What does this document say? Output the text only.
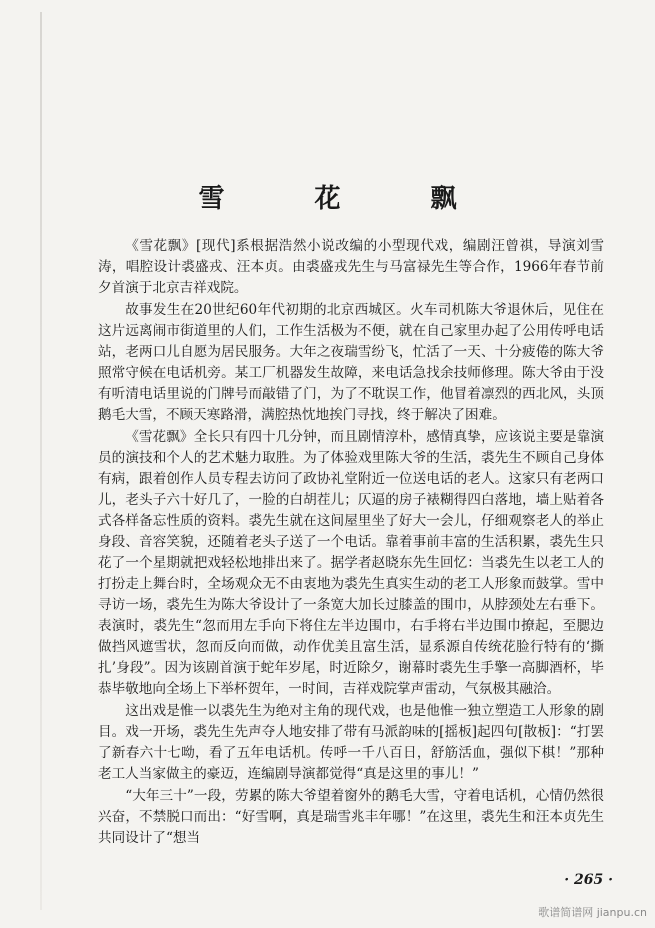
雪　花　飘

《雪花飘》[现代]系根据浩然小说改编的小型现代戏，编剧汪曾祺，导演刘雪涛，唱腔设计裘盛戎、汪本贞。由裘盛戎先生与马富禄先生等合作，1966年春节前夕首演于北京吉祥戏院。

故事发生在20世纪60年代初期的北京西城区。火车司机陈大爷退休后，见住在这片远离闹市街道里的人们，工作生活极为不便，就在自己家里办起了公用传呼电话站，老两口儿自愿为居民服务。大年之夜瑞雪纷飞，忙活了一天、十分疲倦的陈大爷照常守候在电话机旁。某工厂机器发生故障，来电话急找余技师修理。陈大爷由于没有听清电话里说的门牌号而敲错了门，为了不耽误工作，他冒着凛烈的西北风，头顶鹅毛大雪，不顾天寒路滑，满腔热忱地挨门寻找，终于解决了困难。

《雪花飘》全长只有四十几分钟，而且剧情淳朴，感情真挚，应该说主要是靠演员的演技和个人的艺术魅力取胜。为了体验戏里陈大爷的生活，裘先生不顾自己身体有病，跟着创作人员专程去访问了政协礼堂附近一位送电话的老人。这家只有老两口儿，老头子六十好几了，一脸的白胡茬儿；仄逼的房子裱糊得四白落地，墙上贴着各式各样备忘性质的资料。裘先生就在这间屋里坐了好大一会儿，仔细观察老人的举止身段、音容笑貌，还随着老头子送了一个电话。靠着事前丰富的生活积累，裘先生只花了一个星期就把戏轻松地排出来了。据学者赵晓东先生回忆：当裘先生以老工人的打扮走上舞台时，全场观众无不由衷地为裘先生真实生动的老工人形象而鼓掌。雪中寻访一场，裘先生为陈大爷设计了一条宽大加长过膝盖的围巾，从脖颈处左右垂下。表演时，裘先生“忽而用左手向下将住左半边围巾，右手将右半边围巾撩起，至腮边做挡风遮雪状，忽而反向而做，动作优美且富生活，显系源自传统花脸行特有的‘撕扎’身段”。因为该剧首演于蛇年岁尾，时近除夕，谢幕时裘先生手擎一高脚酒杯，毕恭毕敬地向全场上下举杯贺年，一时间，吉祥戏院掌声雷动，气氛极其融洽。

这出戏是惟一以裘先生为绝对主角的现代戏，也是他惟一独立塑造工人形象的剧目。戏一开场，裘先生先声夺人地安排了带有马派韵味的[摇板]起四句[散板]：“打罢了新春六十七呦，看了五年电话机。传呼一千八百日，舒筋活血，强似下棋！”那种老工人当家做主的豪迈，连编剧导演都觉得“真是这里的事儿！”

“大年三十”一段，劳累的陈大爷望着窗外的鹅毛大雪，守着电话机，心情仍然很兴奋，不禁脱口而出：“好雪啊，真是瑞雪兆丰年哪！”在这里，裘先生和汪本贞先生共同设计了“想当

· 265 ·
歌谱简谱网 jianpu.cn
